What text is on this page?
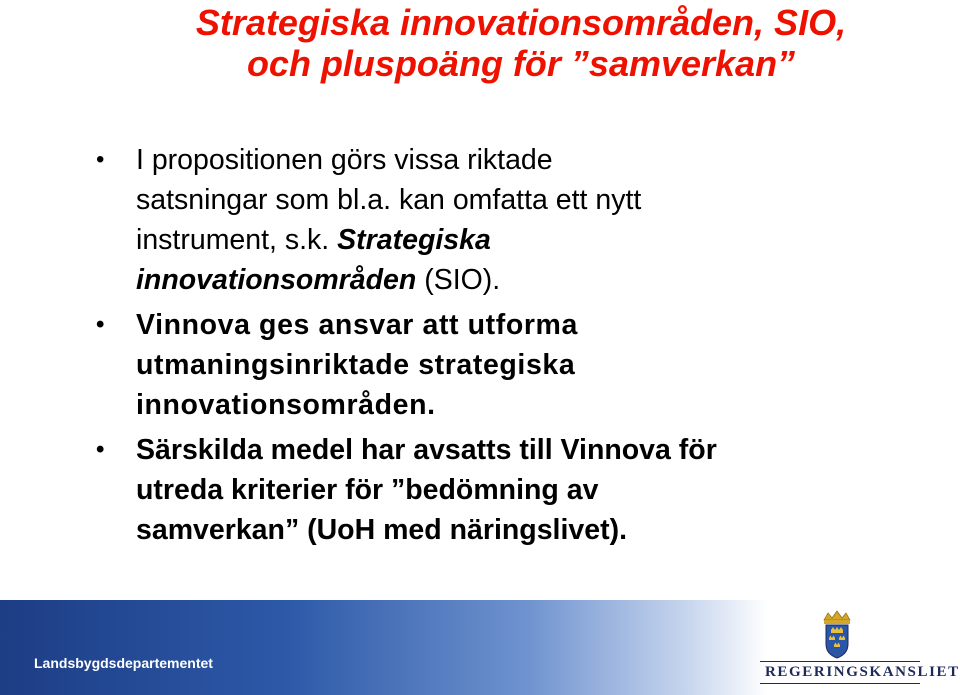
Strategiska innovationsområden, SIO,
och pluspoäng för ”samverkan”
• I propositionen görs vissa riktade
satsningar som bl.a. kan omfatta ett nytt
instrument, s.k. Strategiska
innovationsområden (SIO).
• Vinnova ges ansvar att utforma
utmaningsinriktade strategiska
innovationsområden.
• Särskilda medel har avsatts till Vinnova för
utreda kriterier för ”bedömning av
samverkan” (UoH med näringslivet).
Landsbygdsdepartementet
REGERINGSKANSLIET
